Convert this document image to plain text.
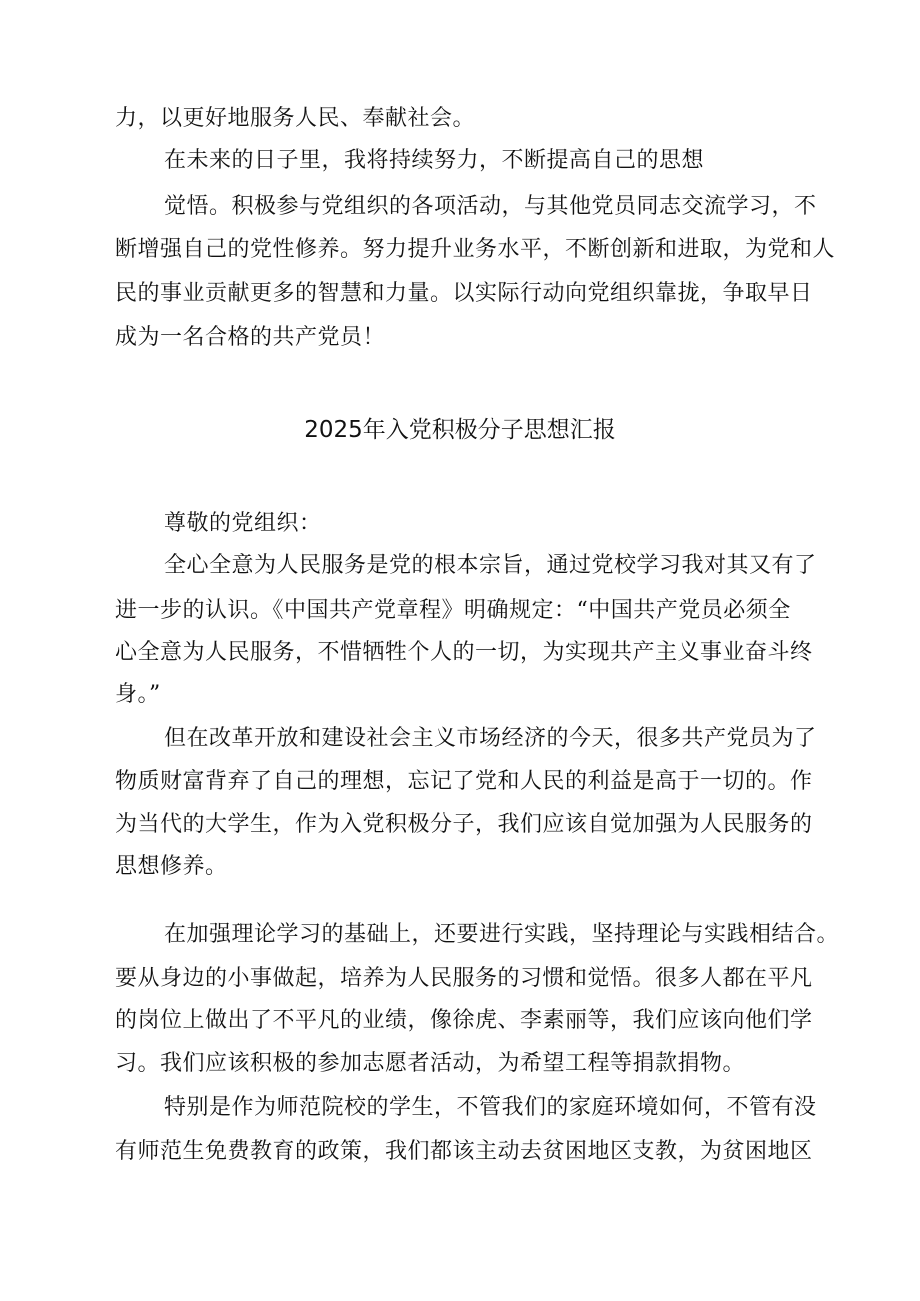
力，以更好地服务人民、奉献社会。
在未来的日子里，我将持续努力，不断提高自己的思想
觉悟。积极参与党组织的各项活动，与其他党员同志交流学习，不
断增强自己的党性修养。努力提升业务水平，不断创新和进取，为党和人
民的事业贡献更多的智慧和力量。以实际行动向党组织靠拢，争取早日
成为一名合格的共产党员！
2025年入党积极分子思想汇报
尊敬的党组织：
全心全意为人民服务是党的根本宗旨，通过党校学习我对其又有了
进一步的认识。《中国共产党章程》明确规定：“中国共产党员必须全
心全意为人民服务，不惜牺牲个人的一切，为实现共产主义事业奋斗终
身。”
但在改革开放和建设社会主义市场经济的今天，很多共产党员为了
物质财富背弃了自己的理想，忘记了党和人民的利益是高于一切的。作
为当代的大学生，作为入党积极分子，我们应该自觉加强为人民服务的
思想修养。
在加强理论学习的基础上，还要进行实践，坚持理论与实践相结合。
要从身边的小事做起，培养为人民服务的习惯和觉悟。很多人都在平凡
的岗位上做出了不平凡的业绩，像徐虎、李素丽等，我们应该向他们学
习。我们应该积极的参加志愿者活动，为希望工程等捐款捐物。
特别是作为师范院校的学生，不管我们的家庭环境如何，不管有没
有师范生免费教育的政策，我们都该主动去贫困地区支教，为贫困地区
